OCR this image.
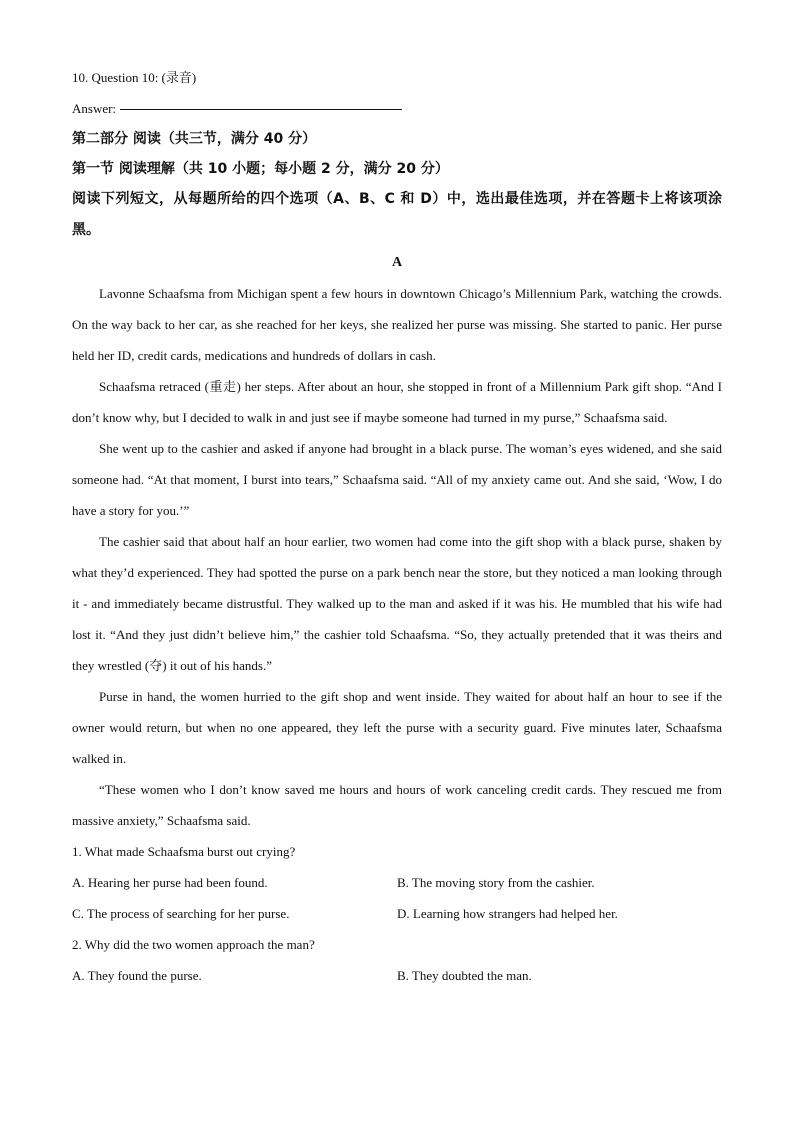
10. Question 10: (录音)
Answer:
第二部分 阅读（共三节，满分 40 分）
第一节 阅读理解（共 10 小题；每小题 2 分，满分 20 分）
阅读下列短文，从每题所给的四个选项（A、B、C 和 D）中，选出最佳选项，并在答题卡上将该项涂黑。
A

Lavonne Schaafsma from Michigan spent a few hours in downtown Chicago’s Millennium Park, watching the crowds. On the way back to her car, as she reached for her keys, she realized her purse was missing. She started to panic. Her purse held her ID, credit cards, medications and hundreds of dollars in cash.

Schaafsma retraced (重走) her steps. After about an hour, she stopped in front of a Millennium Park gift shop. “And I don’t know why, but I decided to walk in and just see if maybe someone had turned in my purse,” Schaafsma said.

She went up to the cashier and asked if anyone had brought in a black purse. The woman’s eyes widened, and she said someone had. “At that moment, I burst into tears,” Schaafsma said. “All of my anxiety came out. And she said, ‘Wow, I do have a story for you.’”

The cashier said that about half an hour earlier, two women had come into the gift shop with a black purse, shaken by what they’d experienced. They had spotted the purse on a park bench near the store, but they noticed a man looking through it - and immediately became distrustful. They walked up to the man and asked if it was his. He mumbled that his wife had lost it. “And they just didn’t believe him,” the cashier told Schaafsma. “So, they actually pretended that it was theirs and they wrestled (夺) it out of his hands.”

Purse in hand, the women hurried to the gift shop and went inside. They waited for about half an hour to see if the owner would return, but when no one appeared, they left the purse with a security guard. Five minutes later, Schaafsma walked in.

“These women who I don’t know saved me hours and hours of work canceling credit cards. They rescued me from massive anxiety,” Schaafsma said.

1. What made Schaafsma burst out crying?

A. Hearing her purse had been found.	B. The moving story from the cashier.
C. The process of searching for her purse.	D. Learning how strangers had helped her.

2. Why did the two women approach the man?

A. They found the purse.	B. They doubted the man.
